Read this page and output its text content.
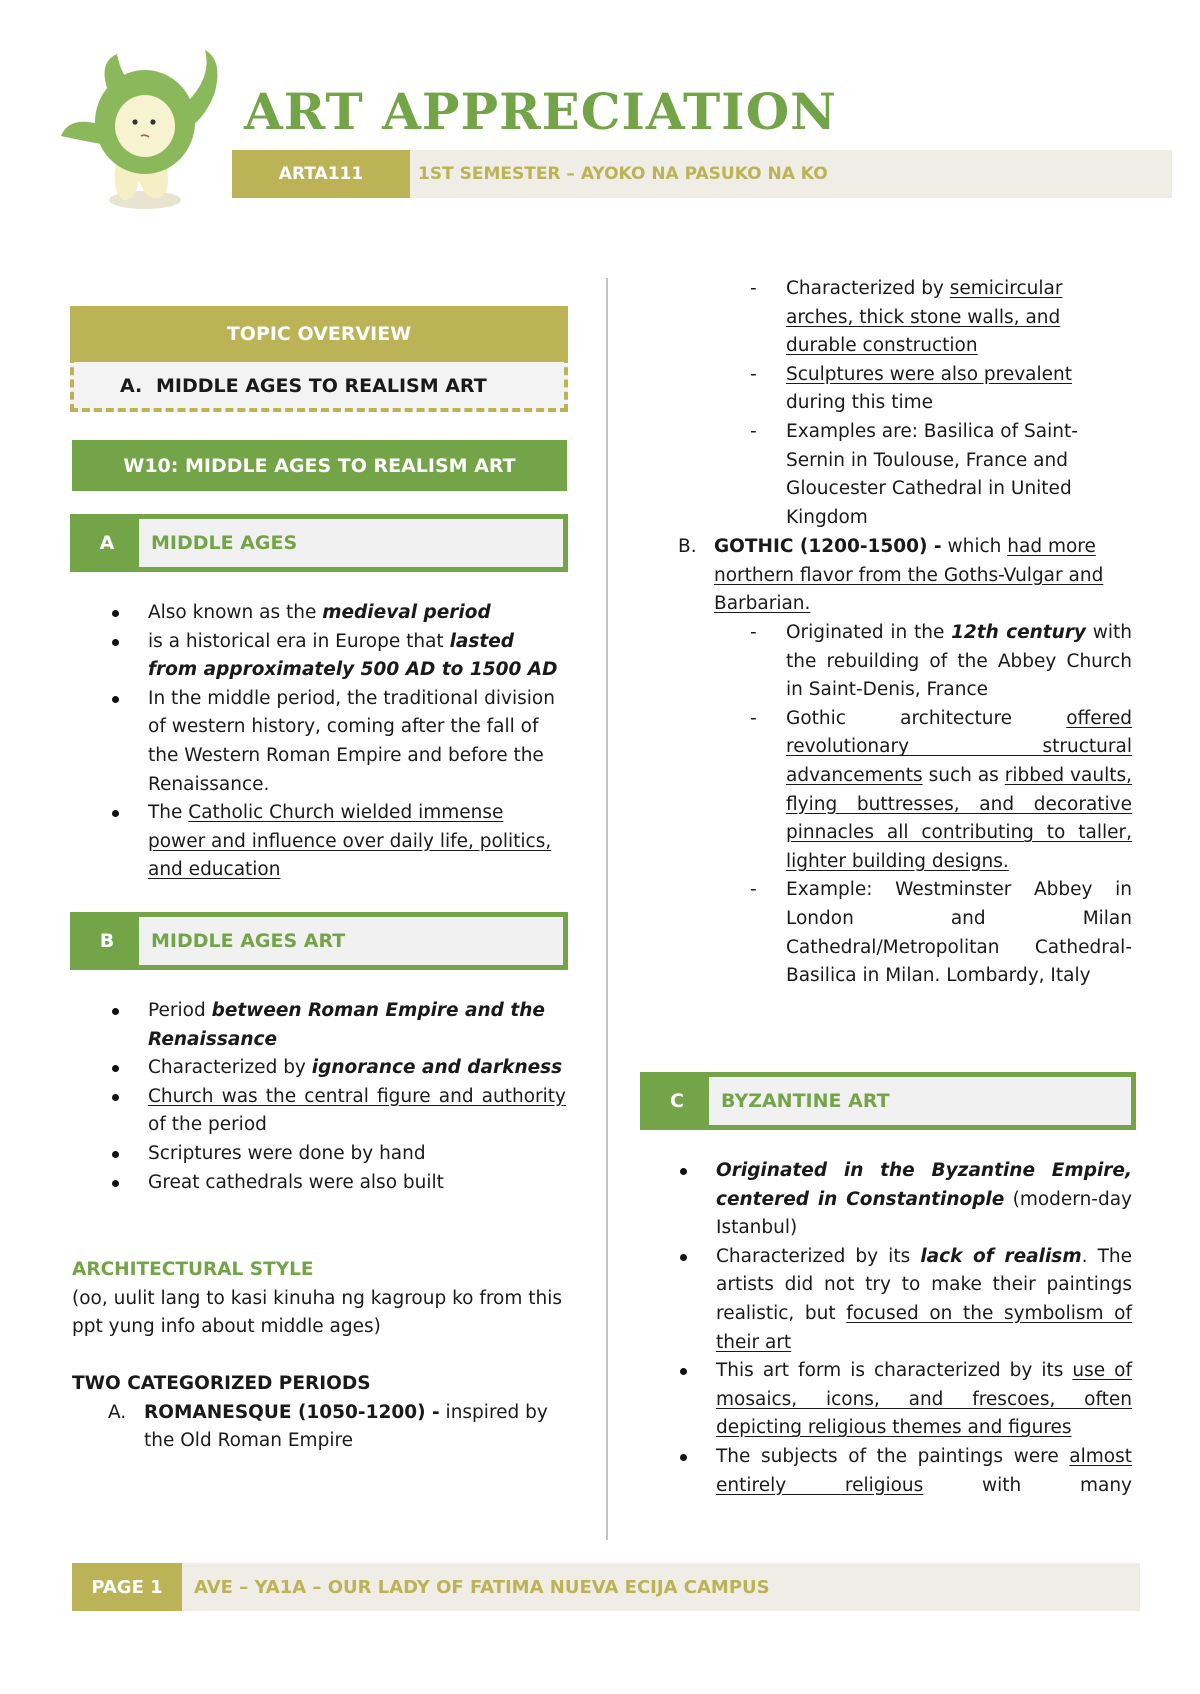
ART APPRECIATION
ARTA111	1ST SEMESTER – AYOKO NA PASUKO NA KO
TOPIC OVERVIEW
A. MIDDLE AGES TO REALISM ART
W10: MIDDLE AGES TO REALISM ART
A	MIDDLE AGES
Also known as the medieval period
is a historical era in Europe that lasted from approximately 500 AD to 1500 AD
In the middle period, the traditional division of western history, coming after the fall of the Western Roman Empire and before the Renaissance.
The Catholic Church wielded immense power and influence over daily life, politics, and education
B	MIDDLE AGES ART
Period between Roman Empire and the Renaissance
Characterized by ignorance and darkness
Church was the central figure and authority of the period
Scriptures were done by hand
Great cathedrals were also built

ARCHITECTURAL STYLE

(oo, uulit lang to kasi kinuha ng kagroup ko from this ppt yung info about middle ages)

TWO CATEGORIZED PERIODS

A. ROMANESQUE (1050-1200) - inspired by the Old Roman Empire
- Characterized by semicircular arches, thick stone walls, and durable construction
- Sculptures were also prevalent during this time
- Examples are: Basilica of Saint-Sernin in Toulouse, France and Gloucester Cathedral in United Kingdom
B. GOTHIC (1200-1500) - which had more northern flavor from the Goths-Vulgar and Barbarian.
- Originated in the 12th century with the rebuilding of the Abbey Church in Saint-Denis, France
- Gothic architecture offered revolutionary structural advancements such as ribbed vaults, flying buttresses, and decorative pinnacles all contributing to taller, lighter building designs.
- Example: Westminster Abbey in London and Milan Cathedral/Metropolitan Cathedral-Basilica in Milan. Lombardy, Italy
C	BYZANTINE ART
Originated in the Byzantine Empire, centered in Constantinople (modern-day Istanbul)
Characterized by its lack of realism. The artists did not try to make their paintings realistic, but focused on the symbolism of their art
This art form is characterized by its use of mosaics, icons, and frescoes, often depicting religious themes and figures
The subjects of the paintings were almost entirely religious with many
PAGE 1	AVE – YA1A – OUR LADY OF FATIMA NUEVA ECIJA CAMPUS
